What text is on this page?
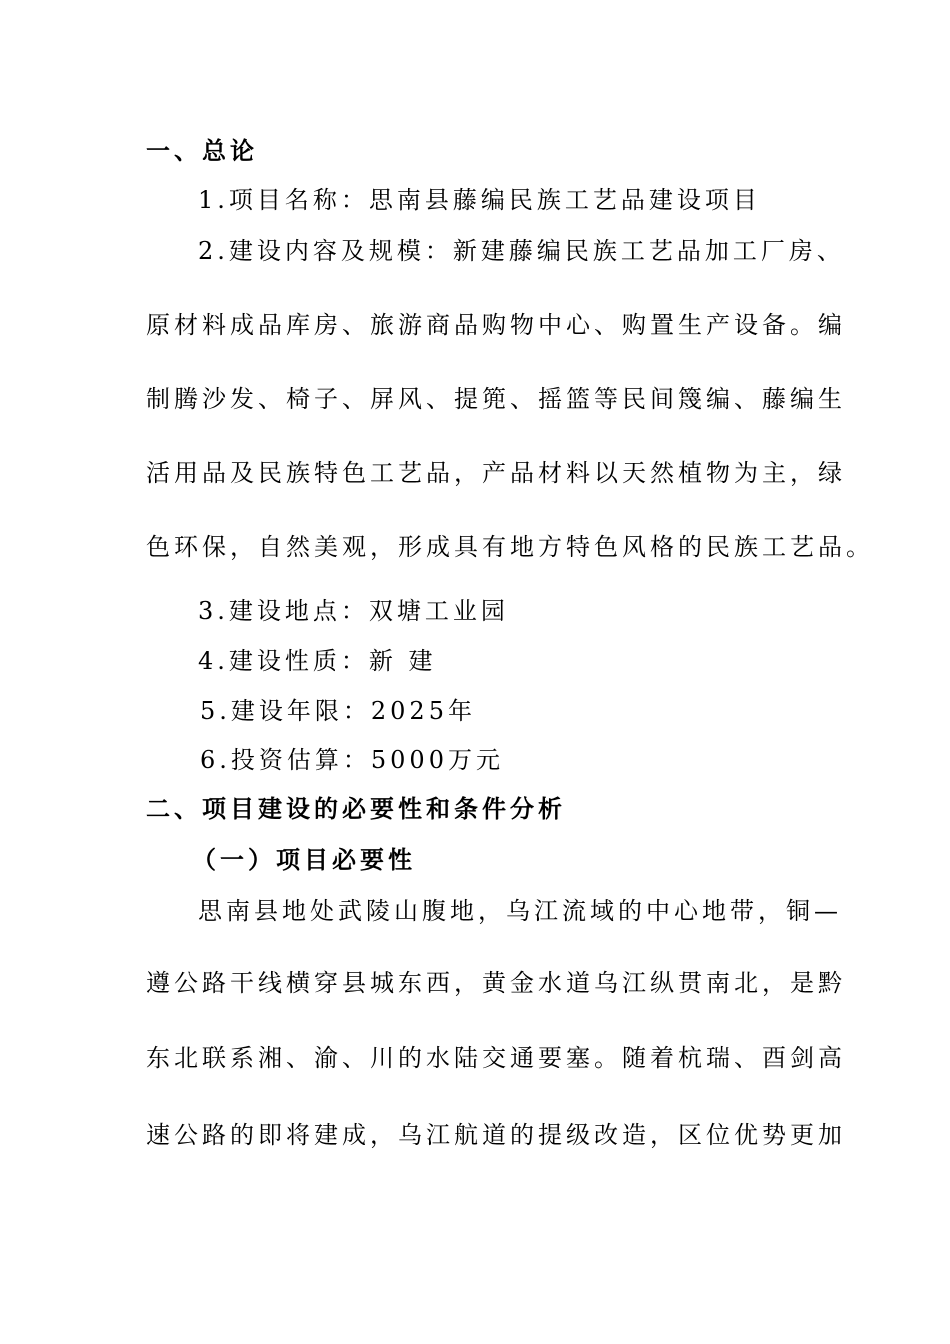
一、总论
1.项目名称：思南县藤编民族工艺品建设项目
2.建设内容及规模：新建藤编民族工艺品加工厂房、
原材料成品库房、旅游商品购物中心、购置生产设备。编
制腾沙发、椅子、屏风、提篼、摇篮等民间篾编、藤编生
活用品及民族特色工艺品，产品材料以天然植物为主，绿
色环保，自然美观，形成具有地方特色风格的民族工艺品。
3.建设地点：双塘工业园
4.建设性质：新 建
5.建设年限：2025年
6.投资估算：5000万元
二、项目建设的必要性和条件分析
（一）项目必要性
思南县地处武陵山腹地，乌江流域的中心地带，铜—
遵公路干线横穿县城东西，黄金水道乌江纵贯南北，是黔
东北联系湘、渝、川的水陆交通要塞。随着杭瑞、酉剑高
速公路的即将建成，乌江航道的提级改造，区位优势更加
